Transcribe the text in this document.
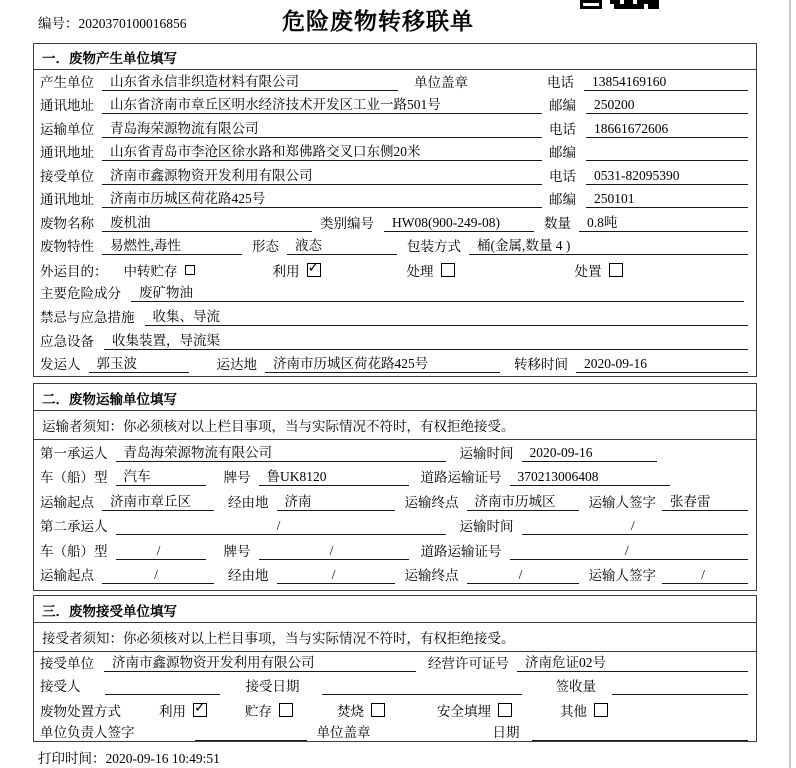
编号：2020370100016856	危险废物转移联单
一．废物产生单位填写
产生单位	山东省永信非织造材料有限公司	单位盖章	电话	13854169160
通讯地址	山东省济南市章丘区明水经济技术开发区工业一路501号	邮编	250200
运输单位	青岛海荣源物流有限公司	电话	18661672606
通讯地址	山东省青岛市李沧区徐水路和郑佛路交叉口东侧20米	邮编
接受单位	济南市鑫源物资开发利用有限公司	电话	0531-82095390
通讯地址	济南市历城区荷花路425号	邮编	250101
废物名称	废机油	类别编号	HW08(900-249-08)	数量	0.8吨
废物特性	易燃性,毒性	形态	液态	包装方式	桶(金属,数量 4 )
外运目的： 中转贮存	利用 ✓	处理	处置
主要危险成分	废矿物油
禁忌与应急措施	收集、导流
应急设备	收集装置，导流渠
发运人	郭玉波	运达地	济南市历城区荷花路425号	转移时间	2020-09-16
二．废物运输单位填写
运输者须知：你必须核对以上栏目事项，当与实际情况不符时，有权拒绝接受。
第一承运人	青岛海荣源物流有限公司	运输时间	2020-09-16
车（船）型	汽车	牌号	鲁UK8120	道路运输证号	370213006408
运输起点	济南市章丘区	经由地	济南	运输终点	济南市历城区	运输人签字	张春雷
第二承运人	/	运输时间	/
车（船）型	/	牌号	/	道路运输证号	/
运输起点	/	经由地	/	运输终点	/	运输人签字	/
三．废物接受单位填写
接受者须知：你必须核对以上栏目事项，当与实际情况不符时，有权拒绝接受。
接受单位	济南市鑫源物资开发利用有限公司	经营许可证号	济南危证02号
接受人	接受日期	签收量
废物处置方式	利用 ✓	贮存	焚烧	安全填埋	其他
单位负责人签字	单位盖章	日期
打印时间：2020-09-16 10:49:51
